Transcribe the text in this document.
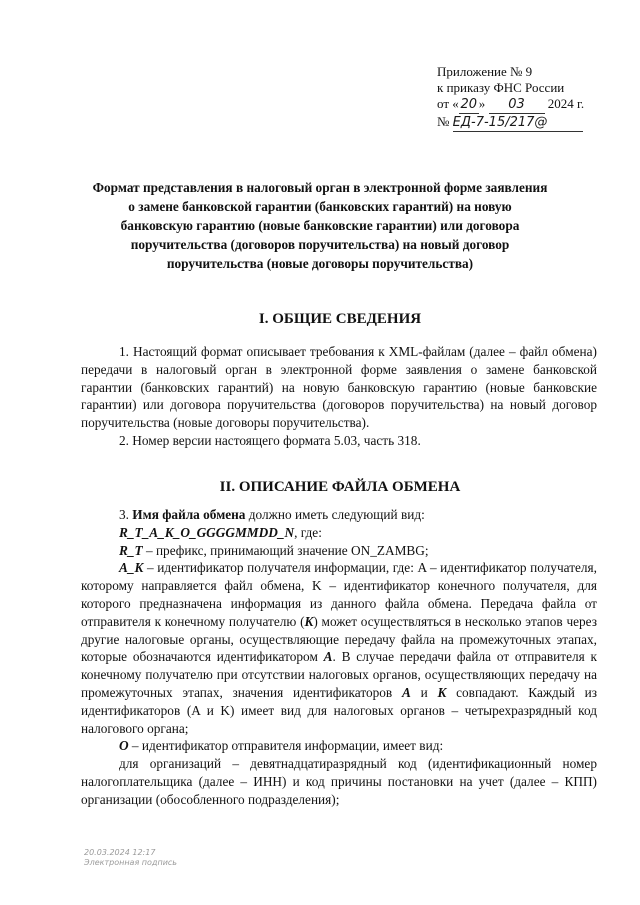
Приложение № 9
к приказу ФНС России
от « 20 » 03 2024 г.
№ ЕД-7-15/217@
Формат представления в налоговый орган в электронной форме заявления о замене банковской гарантии (банковских гарантий) на новую банковскую гарантию (новые банковские гарантии) или договора поручительства (договоров поручительства) на новый договор поручительства (новые договоры поручительства)
I. ОБЩИЕ СВЕДЕНИЯ

1. Настоящий формат описывает требования к XML-файлам (далее – файл обмена) передачи в налоговый орган в электронной форме заявления о замене банковской гарантии (банковских гарантий) на новую банковскую гарантию (новые банковские гарантии) или договора поручительства (договоров поручительства) на новый договор поручительства (новые договоры поручительства).

2. Номер версии настоящего формата 5.03, часть 318.

II. ОПИСАНИЕ ФАЙЛА ОБМЕНА

3. Имя файла обмена должно иметь следующий вид:

R_T_A_K_O_GGGGMMDD_N, где:

R_T – префикс, принимающий значение ON_ZAMBG;

A_K – идентификатор получателя информации, где: A – идентификатор получателя, которому направляется файл обмена, K – идентификатор конечного получателя, для которого предназначена информация из данного файла обмена. Передача файла от отправителя к конечному получателю (K) может осуществляться в несколько этапов через другие налоговые органы, осуществляющие передачу файла на промежуточных этапах, которые обозначаются идентификатором A. В случае передачи файла от отправителя к конечному получателю при отсутствии налоговых органов, осуществляющих передачу на промежуточных этапах, значения идентификаторов A и K совпадают. Каждый из идентификаторов (A и K) имеет вид для налоговых органов – четырехразрядный код налогового органа;

O – идентификатор отправителя информации, имеет вид:

для организаций – девятнадцатиразрядный код (идентификационный номер налогоплательщика (далее – ИНН) и код причины постановки на учет (далее – КПП) организации (обособленного подразделения);

20.03.2024 12:17
Электронная подпись
